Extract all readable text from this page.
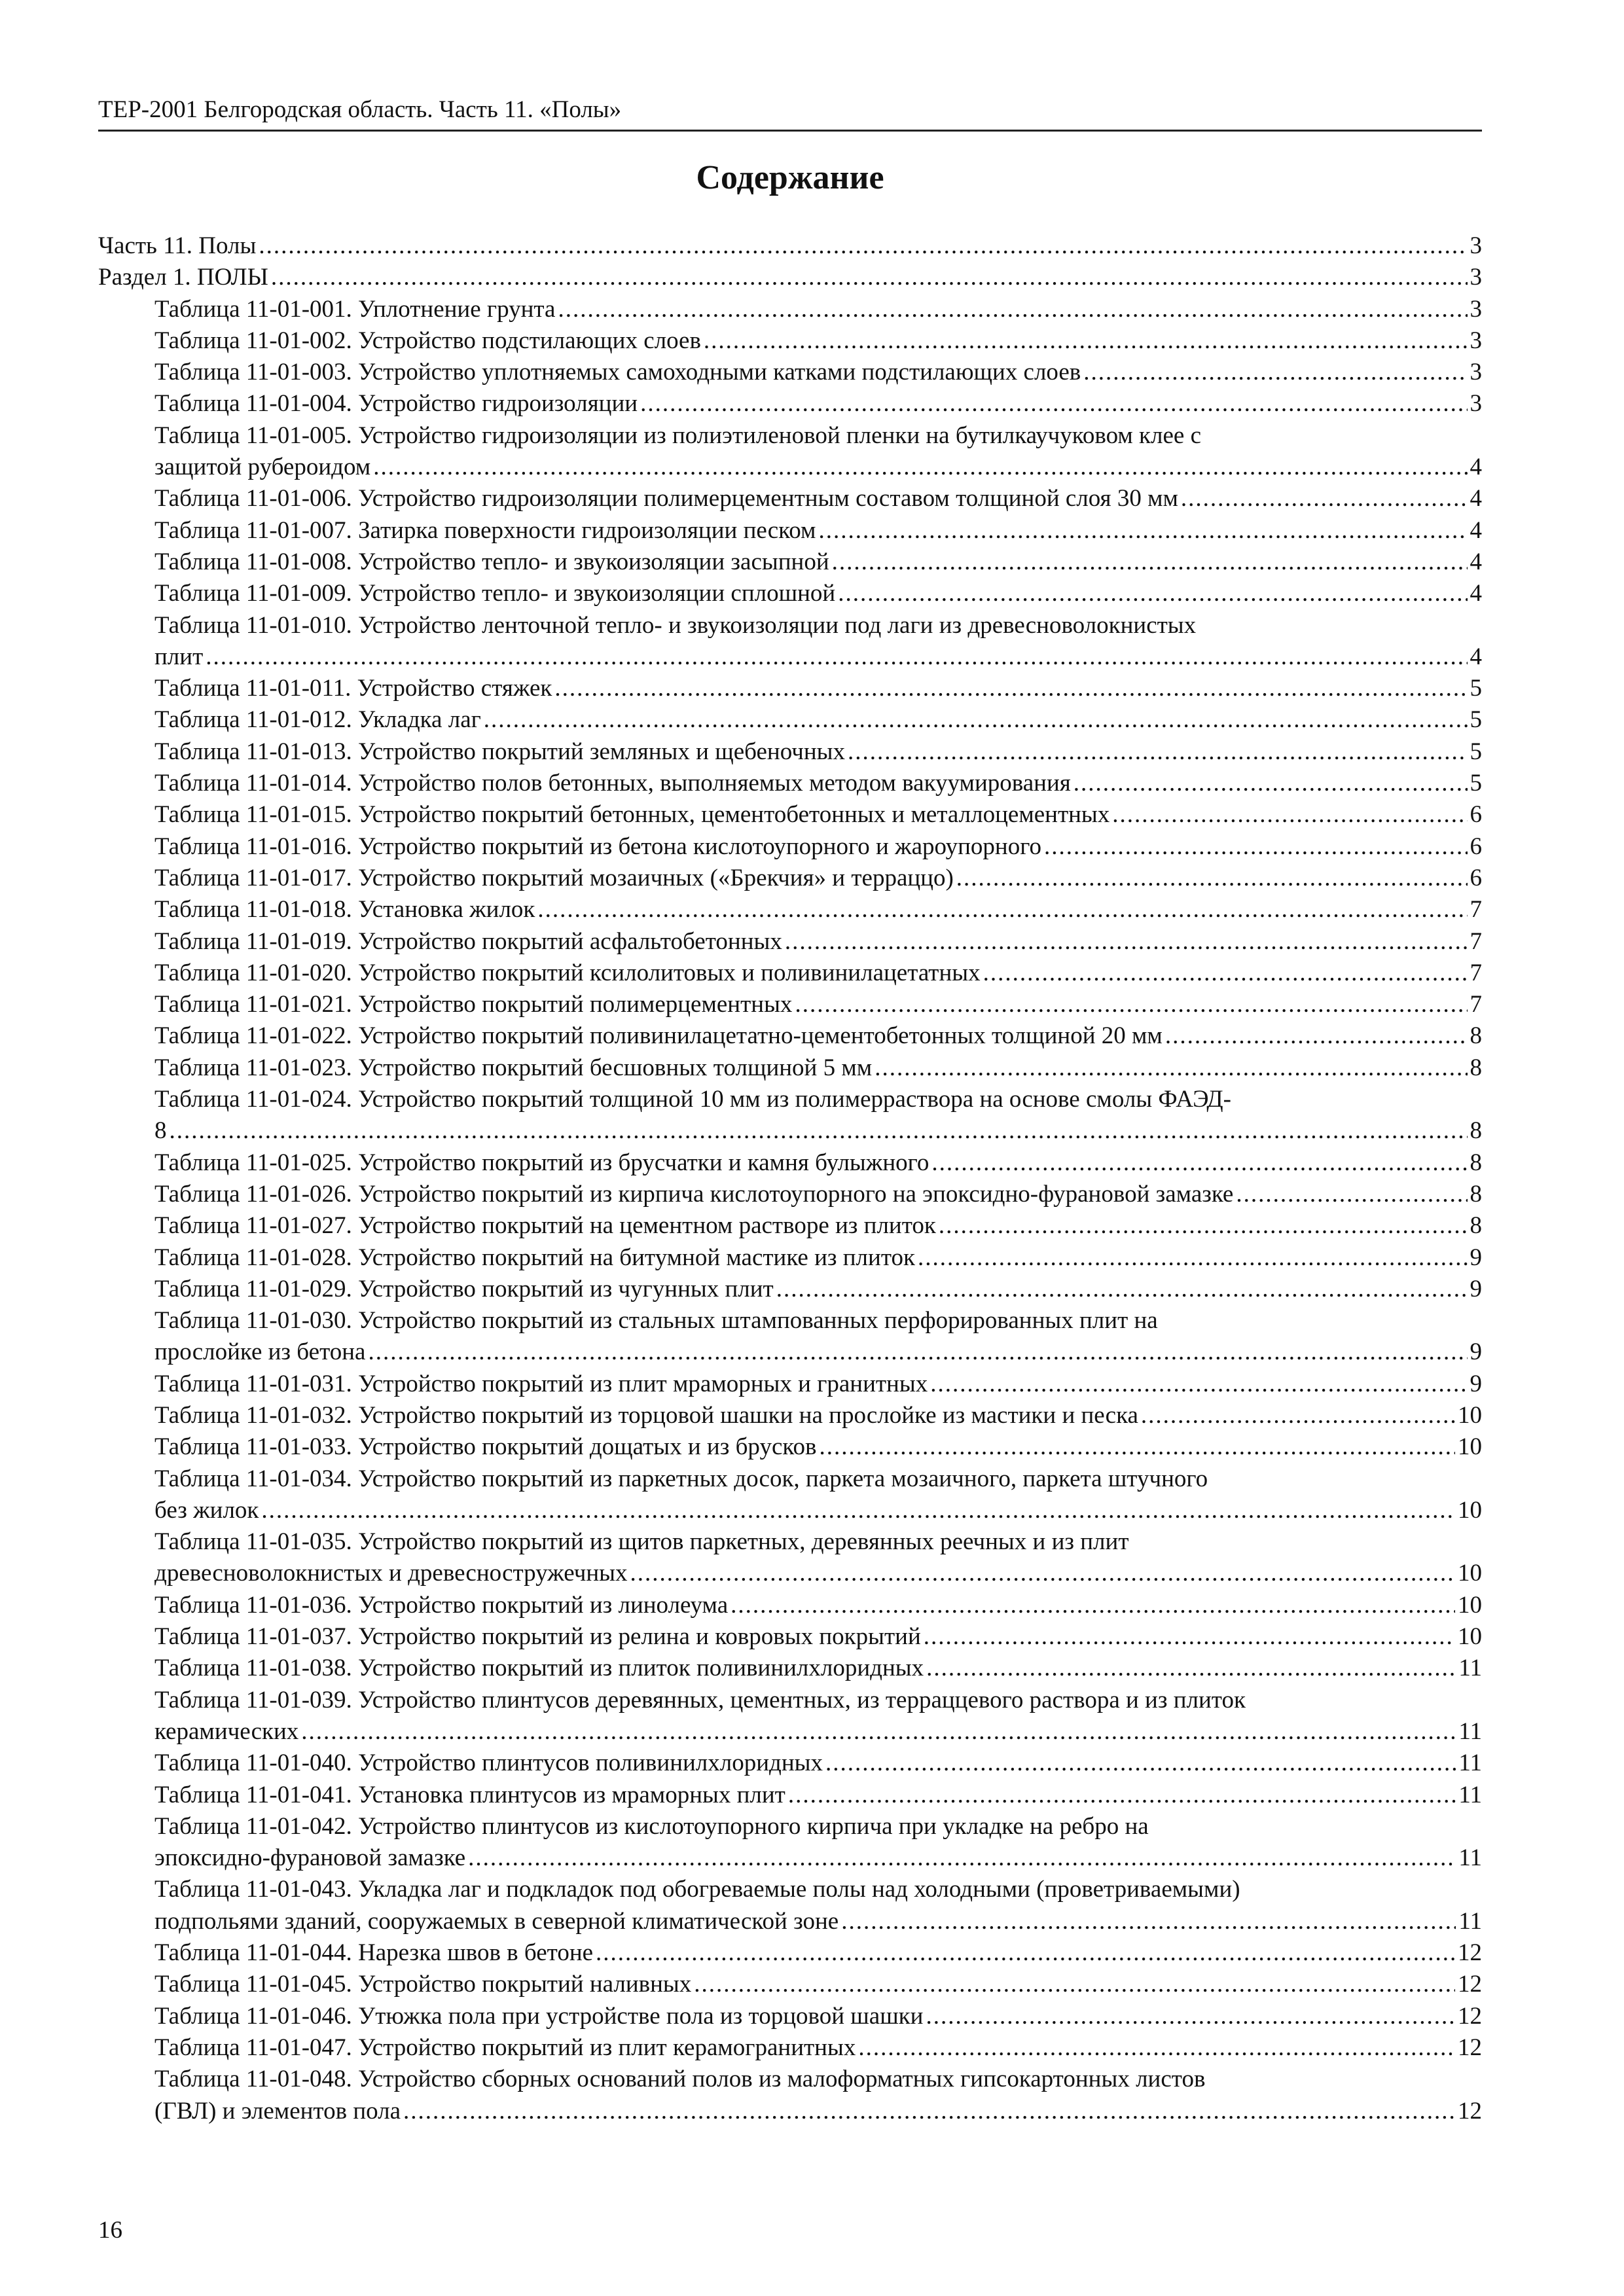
ТЕР-2001 Белгородская область. Часть 11. «Полы»
Содержание
Часть 11. Полы .....	3
Раздел 1. ПОЛЫ .....	3
Таблица 11-01-001. Уплотнение грунта .....	3
Таблица 11-01-002. Устройство подстилающих слоев .....	3
Таблица 11-01-003. Устройство уплотняемых самоходными катками подстилающих слоев .....	3
Таблица 11-01-004. Устройство гидроизоляции .....	3
Таблица 11-01-005. Устройство гидроизоляции из полиэтиленовой пленки на бутилкаучуковом клее с
защитой рубероидом .....	4
Таблица 11-01-006. Устройство гидроизоляции полимерцементным составом толщиной слоя 30 мм .....	4
Таблица 11-01-007. Затирка поверхности гидроизоляции песком .....	4
Таблица 11-01-008. Устройство тепло- и звукоизоляции засыпной .....	4
Таблица 11-01-009. Устройство тепло- и звукоизоляции сплошной .....	4
Таблица 11-01-010. Устройство ленточной тепло- и звукоизоляции под лаги из древесноволокнистых
плит .....	4
Таблица 11-01-011. Устройство стяжек .....	5
Таблица 11-01-012. Укладка лаг .....	5
Таблица 11-01-013. Устройство покрытий земляных и щебеночных .....	5
Таблица 11-01-014. Устройство полов бетонных, выполняемых методом вакуумирования .....	5
Таблица 11-01-015. Устройство покрытий бетонных, цементобетонных и металлоцементных .....	6
Таблица 11-01-016. Устройство покрытий из бетона кислотоупорного и жароупорного .....	6
Таблица 11-01-017. Устройство покрытий мозаичных («Брекчия» и терраццо) .....	6
Таблица 11-01-018. Установка жилок .....	7
Таблица 11-01-019. Устройство покрытий асфальтобетонных .....	7
Таблица 11-01-020. Устройство покрытий ксилолитовых и поливинилацетатных .....	7
Таблица 11-01-021. Устройство покрытий полимерцементных .....	7
Таблица 11-01-022. Устройство покрытий поливинилацетатно-цементобетонных толщиной 20 мм .....	8
Таблица 11-01-023. Устройство покрытий бесшовных толщиной 5 мм .....	8
Таблица 11-01-024. Устройство покрытий толщиной 10 мм из полимерраствора на основе смолы ФАЭД-
8 .....	8
Таблица 11-01-025. Устройство покрытий из брусчатки и камня булыжного .....	8
Таблица 11-01-026. Устройство покрытий из кирпича кислотоупорного на эпоксидно-фурановой замазке .....	8
Таблица 11-01-027. Устройство покрытий на цементном растворе из плиток .....	8
Таблица 11-01-028. Устройство покрытий на битумной мастике из плиток .....	9
Таблица 11-01-029. Устройство покрытий из чугунных плит .....	9
Таблица 11-01-030. Устройство покрытий из стальных штампованных перфорированных плит на
прослойке из бетона .....	9
Таблица 11-01-031. Устройство покрытий из плит мраморных и гранитных .....	9
Таблица 11-01-032. Устройство покрытий из торцовой шашки на прослойке из мастики и песка .....	10
Таблица 11-01-033. Устройство покрытий дощатых и из брусков .....	10
Таблица 11-01-034. Устройство покрытий из паркетных досок, паркета мозаичного, паркета штучного
без жилок .....	10
Таблица 11-01-035. Устройство покрытий из щитов паркетных, деревянных реечных и из плит
древесноволокнистых и древесностружечных .....	10
Таблица 11-01-036. Устройство покрытий из линолеума .....	10
Таблица 11-01-037. Устройство покрытий из релина и ковровых покрытий .....	10
Таблица 11-01-038. Устройство покрытий из плиток поливинилхлоридных .....	11
Таблица 11-01-039. Устройство плинтусов деревянных, цементных, из терраццевого раствора и из плиток
керамических .....	11
Таблица 11-01-040. Устройство плинтусов поливинилхлоридных .....	11
Таблица 11-01-041. Установка плинтусов из мраморных плит .....	11
Таблица 11-01-042. Устройство плинтусов из кислотоупорного кирпича при укладке на ребро на
эпоксидно-фурановой замазке .....	11
Таблица 11-01-043. Укладка лаг и подкладок под обогреваемые полы над холодными (проветриваемыми)
подпольями зданий, сооружаемых в северной климатической зоне .....	11
Таблица 11-01-044. Нарезка швов в бетоне .....	12
Таблица 11-01-045. Устройство покрытий наливных .....	12
Таблица 11-01-046. Утюжка пола при устройстве пола из торцовой шашки .....	12
Таблица 11-01-047. Устройство покрытий из плит керамогранитных .....	12
Таблица 11-01-048. Устройство сборных оснований полов из малоформатных гипсокартонных листов
(ГВЛ) и элементов пола .....	12
16
